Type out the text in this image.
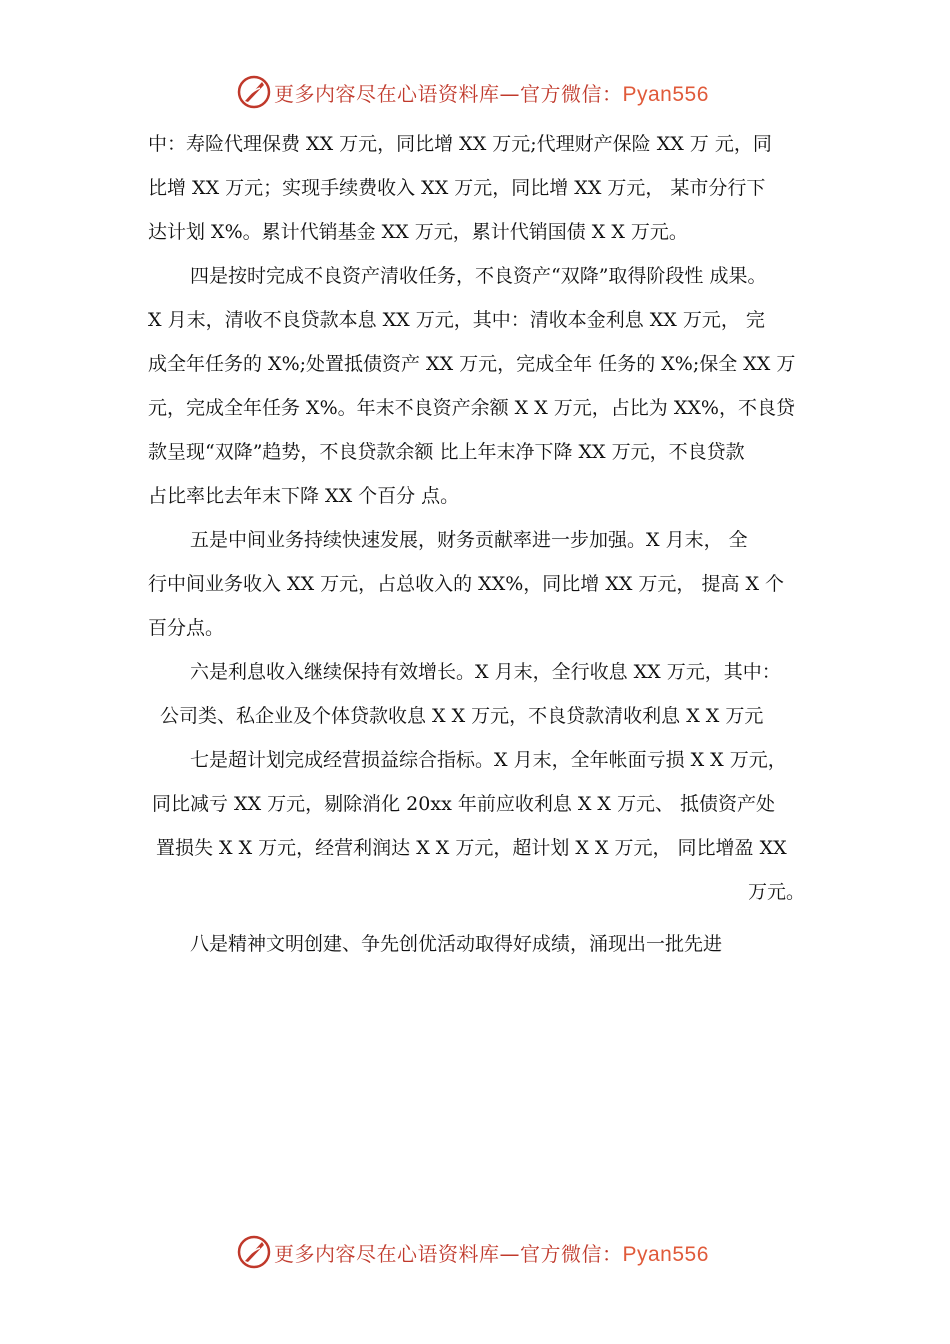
更多内容尽在心语资料库—官方微信：Pyan556
中：寿险代理保费 XX 万元，同比增 XX 万元;代理财产保险 XX 万 元，同
比增 XX 万元；实现手续费收入 XX 万元，同比增 XX 万元， 某市分行下
达计划 X%。累计代销基金 XX 万元，累计代销国债 X X 万元。
四是按时完成不良资产清收任务，不良资产“双降”取得阶段性 成果。
X 月末，清收不良贷款本息 XX 万元，其中：清收本金利息 XX 万元， 完
成全年任务的 X%;处置抵债资产 XX 万元，完成全年 任务的 X%;保全 XX 万
元，完成全年任务 X%。年末不良资产余额 X X 万元，占比为 XX%，不良贷
款呈现“双降”趋势，不良贷款余额 比上年末净下降 XX 万元，不良贷款
占比率比去年末下降 XX 个百分 点。
五是中间业务持续快速发展，财务贡献率进一步加强。X 月末， 全
行中间业务收入 XX 万元，占总收入的 XX%，同比增 XX 万元， 提高 X 个
百分点。
六是利息收入继续保持有效增长。X 月末，全行收息 XX 万元，其中：
公司类、私企业及个体贷款收息 X X 万元，不良贷款清收利息 X X 万元
七是超计划完成经营损益综合指标。X 月末，全年帐面亏损 X X 万元，
同比减亏 XX 万元，剔除消化 20xx 年前应收利息 X X 万元、 抵债资产处
置损失 X X 万元，经营利润达 X X 万元，超计划 X X 万元， 同比增盈 XX
万元。
八是精神文明创建、争先创优活动取得好成绩，涌现出一批先进
更多内容尽在心语资料库—官方微信：Pyan556
